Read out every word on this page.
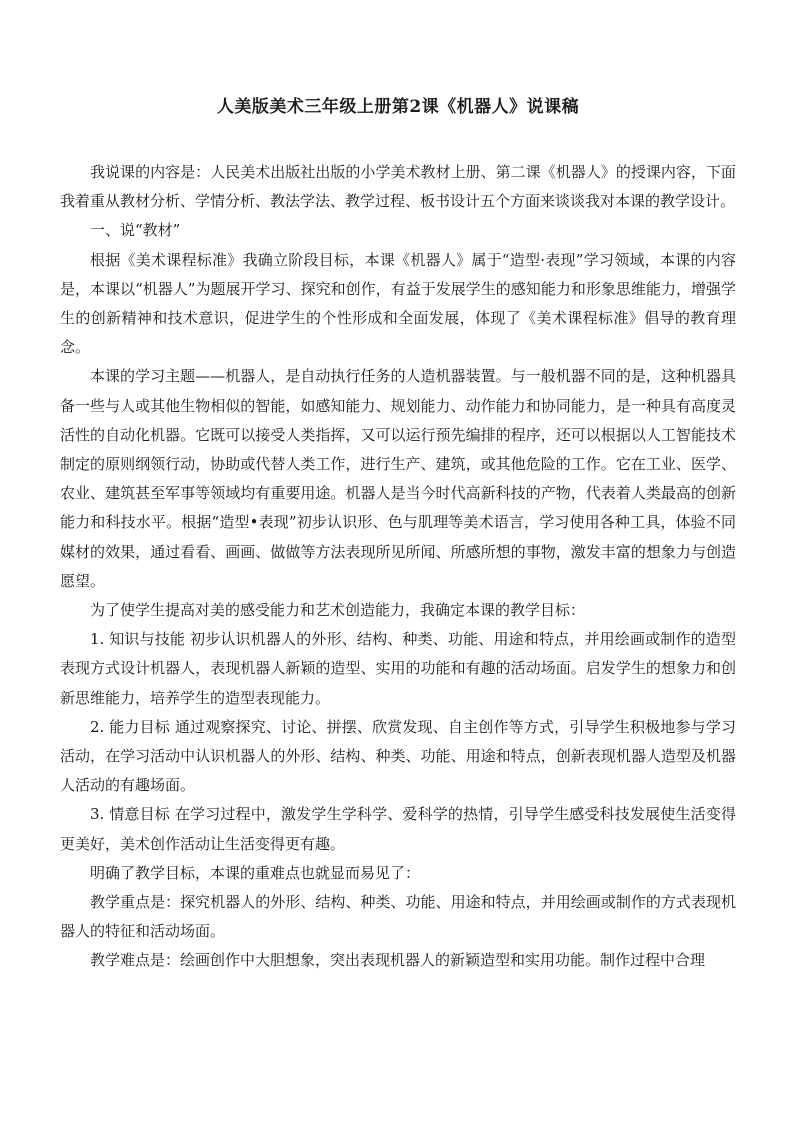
人美版美术三年级上册第2课《机器人》说课稿

我说课的内容是：人民美术出版社出版的小学美术教材上册、第二课《机器人》的授课内容，下面我着重从教材分析、学情分析、教法学法、教学过程、板书设计五个方面来谈谈我对本课的教学设计。

一、说“教材”

根据《美术课程标准》我确立阶段目标，本课《机器人》属于“造型·表现”学习领域，本课的内容是，本课以“机器人”为题展开学习、探究和创作，有益于发展学生的感知能力和形象思维能力，增强学生的创新精神和技术意识，促进学生的个性形成和全面发展，体现了《美术课程标准》倡导的教育理念。

本课的学习主题——机器人，是自动执行任务的人造机器装置。与一般机器不同的是，这种机器具备一些与人或其他生物相似的智能，如感知能力、规划能力、动作能力和协同能力，是一种具有高度灵活性的自动化机器。它既可以接受人类指挥，又可以运行预先编排的程序，还可以根据以人工智能技术制定的原则纲领行动，协助或代替人类工作，进行生产、建筑，或其他危险的工作。它在工业、医学、农业、建筑甚至军事等领域均有重要用途。机器人是当今时代高新科技的产物，代表着人类最高的创新能力和科技水平。根据“造型•表现”初步认识形、色与肌理等美术语言，学习使用各种工具，体验不同媒材的效果，通过看看、画画、做做等方法表现所见所闻、所感所想的事物，激发丰富的想象力与创造愿望。

为了使学生提高对美的感受能力和艺术创造能力，我确定本课的教学目标：

1. 知识与技能 初步认识机器人的外形、结构、种类、功能、用途和特点，并用绘画或制作的造型表现方式设计机器人，表现机器人新颖的造型、实用的功能和有趣的活动场面。启发学生的想象力和创新思维能力，培养学生的造型表现能力。

2. 能力目标 通过观察探究、讨论、拼摆、欣赏发现、自主创作等方式，引导学生积极地参与学习活动，在学习活动中认识机器人的外形、结构、种类、功能、用途和特点，创新表现机器人造型及机器人活动的有趣场面。

3. 情意目标 在学习过程中，激发学生学科学、爱科学的热情，引导学生感受科技发展使生活变得更美好，美术创作活动让生活变得更有趣。

明确了教学目标，本课的重难点也就显而易见了：

教学重点是：探究机器人的外形、结构、种类、功能、用途和特点，并用绘画或制作的方式表现机器人的特征和活动场面。

教学难点是：绘画创作中大胆想象，突出表现机器人的新颖造型和实用功能。制作过程中合理
